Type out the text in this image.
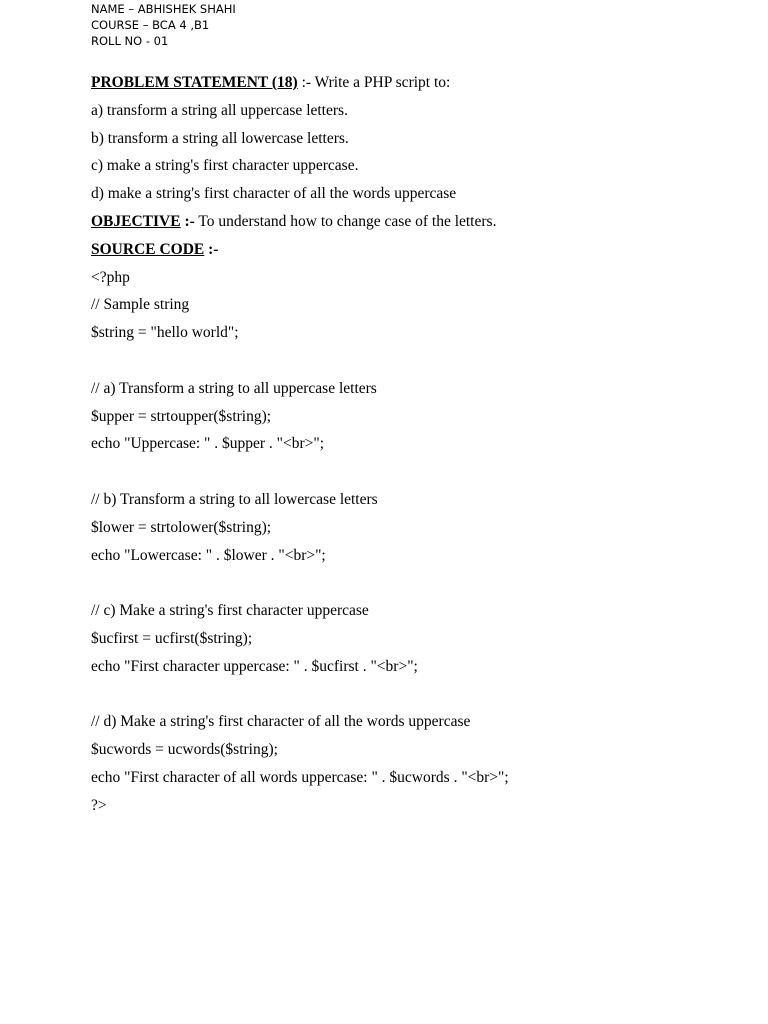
NAME – ABHISHEK SHAHI
COURSE – BCA 4 ,B1
ROLL NO - 01
PROBLEM STATEMENT (18) :- Write a PHP script to:
a) transform a string all uppercase letters.
b) transform a string all lowercase letters.
c) make a string's first character uppercase.
d) make a string's first character of all the words uppercase
OBJECTIVE :- To understand how to change case of the letters.
SOURCE CODE :-
<?php
// Sample string
$string = "hello world";
// a) Transform a string to all uppercase letters
$upper = strtoupper($string);
echo "Uppercase: " . $upper . "<br>";
// b) Transform a string to all lowercase letters
$lower = strtolower($string);
echo "Lowercase: " . $lower . "<br>";
// c) Make a string's first character uppercase
$ucfirst = ucfirst($string);
echo "First character uppercase: " . $ucfirst . "<br>";
// d) Make a string's first character of all the words uppercase
$ucwords = ucwords($string);
echo "First character of all words uppercase: " . $ucwords . "<br>";
?>
